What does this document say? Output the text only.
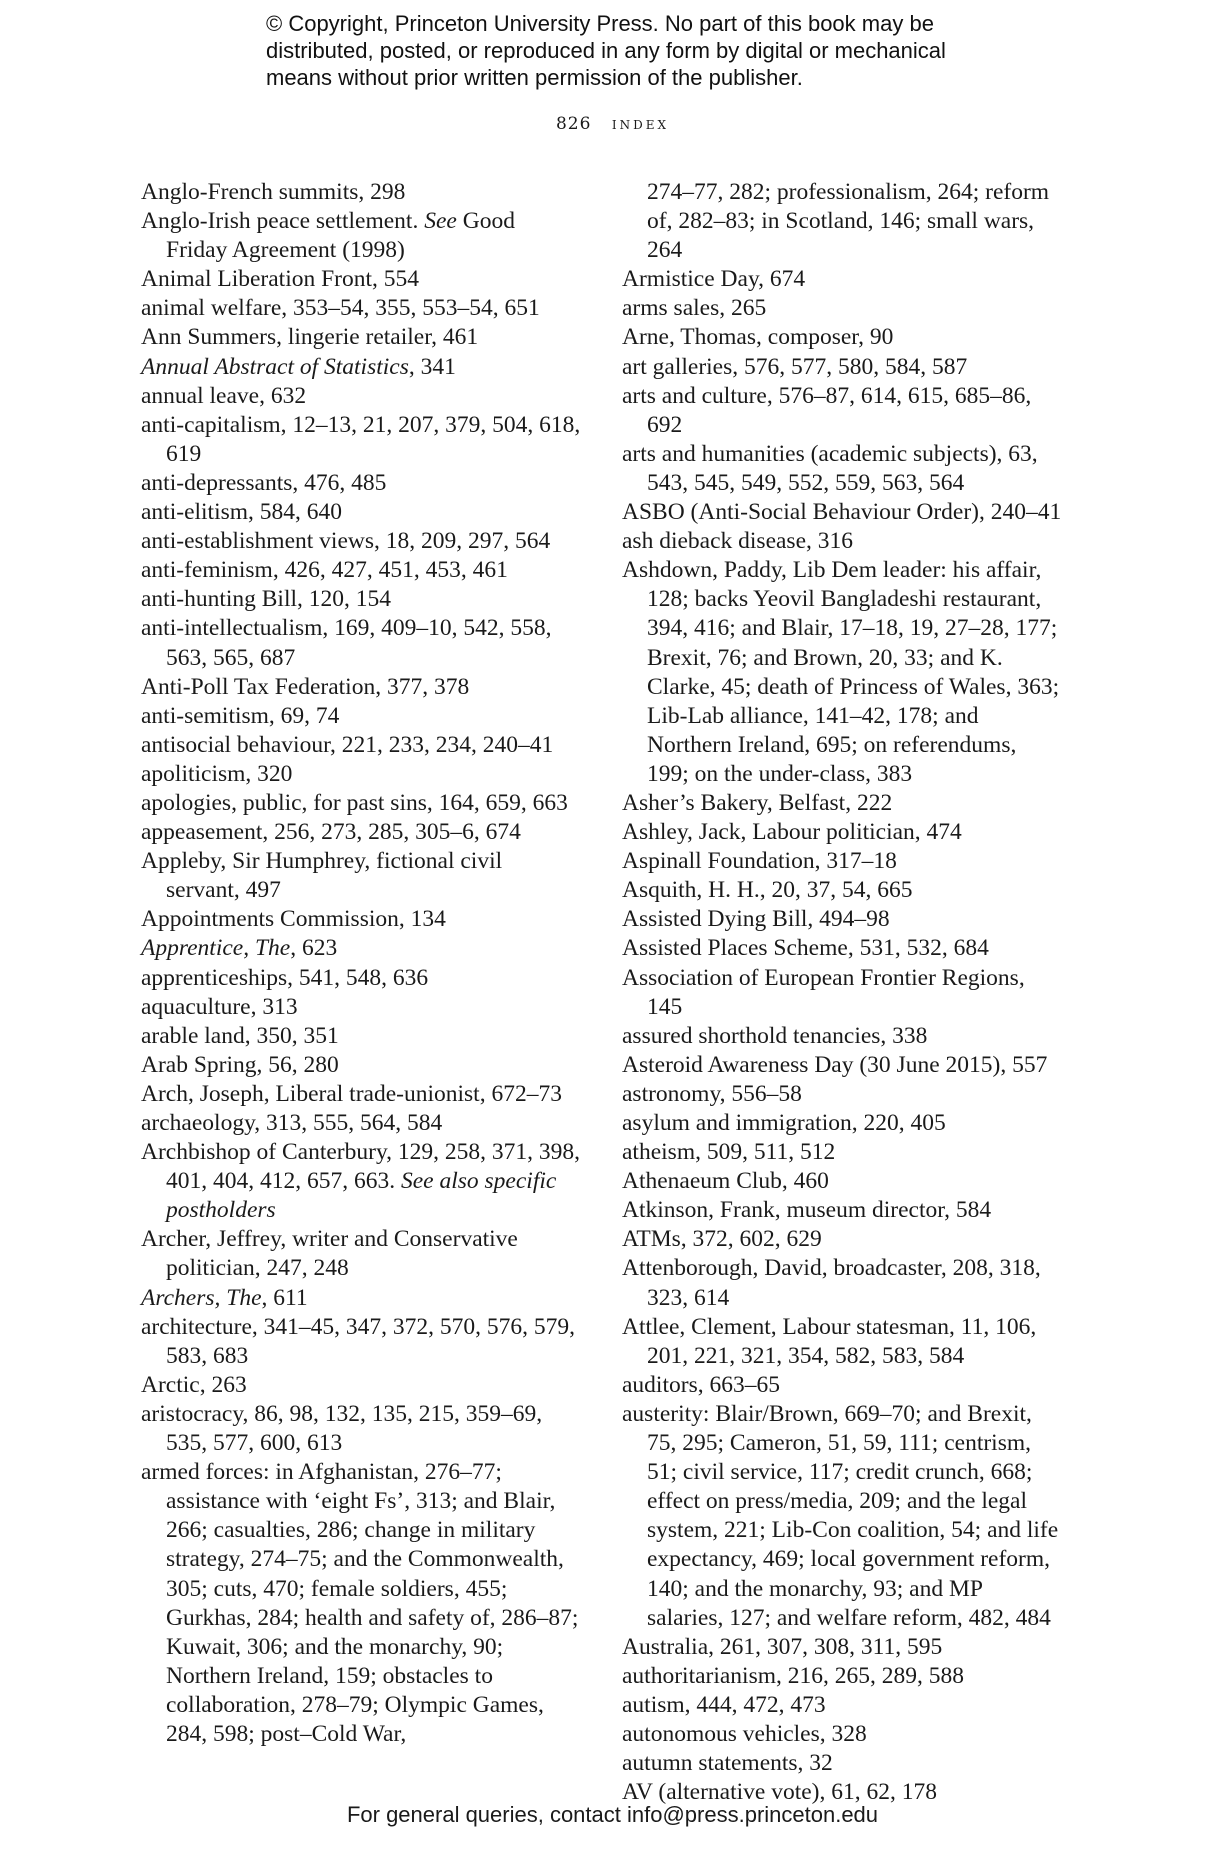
© Copyright, Princeton University Press. No part of this book may be
distributed, posted, or reproduced in any form by digital or mechanical
means without prior written permission of the publisher.
826 index

Anglo-French summits, 298

Anglo-Irish peace settlement. See Good Friday Agreement (1998)

Animal Liberation Front, 554

animal welfare, 353–54, 355, 553–54, 651

Ann Summers, lingerie retailer, 461

Annual Abstract of Statistics, 341

annual leave, 632

anti-capitalism, 12–13, 21, 207, 379, 504, 618, 619

anti-depressants, 476, 485

anti-elitism, 584, 640

anti-establishment views, 18, 209, 297, 564

anti-feminism, 426, 427, 451, 453, 461

anti-hunting Bill, 120, 154

anti-intellectualism, 169, 409–10, 542, 558, 563, 565, 687

Anti-Poll Tax Federation, 377, 378

anti-semitism, 69, 74

antisocial behaviour, 221, 233, 234, 240–41

apoliticism, 320

apologies, public, for past sins, 164, 659, 663

appeasement, 256, 273, 285, 305–6, 674

Appleby, Sir Humphrey, fictional civil servant, 497

Appointments Commission, 134

Apprentice, The, 623

apprenticeships, 541, 548, 636

aquaculture, 313

arable land, 350, 351

Arab Spring, 56, 280

Arch, Joseph, Liberal trade-unionist, 672–73

archaeology, 313, 555, 564, 584

Archbishop of Canterbury, 129, 258, 371, 398, 401, 404, 412, 657, 663. See also specific postholders

Archer, Jeffrey, writer and Conservative politician, 247, 248

Archers, The, 611

architecture, 341–45, 347, 372, 570, 576, 579, 583, 683

Arctic, 263

aristocracy, 86, 98, 132, 135, 215, 359–69, 535, 577, 600, 613

armed forces: in Afghanistan, 276–77; assistance with ‘eight Fs’, 313; and Blair, 266; casualties, 286; change in military strategy, 274–75; and the Commonwealth, 305; cuts, 470; female soldiers, 455; Gurkhas, 284; health and safety of, 286–87; Kuwait, 306; and the monarchy, 90; Northern Ireland, 159; obstacles to collaboration, 278–79; Olympic Games, 284, 598; post–Cold War,

274–77, 282; professionalism, 264; reform of, 282–83; in Scotland, 146; small wars, 264

Armistice Day, 674

arms sales, 265

Arne, Thomas, composer, 90

art galleries, 576, 577, 580, 584, 587

arts and culture, 576–87, 614, 615, 685–86, 692

arts and humanities (academic subjects), 63, 543, 545, 549, 552, 559, 563, 564

ASBO (Anti-Social Behaviour Order), 240–41

ash dieback disease, 316

Ashdown, Paddy, Lib Dem leader: his affair, 128; backs Yeovil Bangladeshi restaurant, 394, 416; and Blair, 17–18, 19, 27–28, 177; Brexit, 76; and Brown, 20, 33; and K. Clarke, 45; death of Princess of Wales, 363; Lib-Lab alliance, 141–42, 178; and Northern Ireland, 695; on referendums, 199; on the under-class, 383

Asher’s Bakery, Belfast, 222

Ashley, Jack, Labour politician, 474

Aspinall Foundation, 317–18

Asquith, H. H., 20, 37, 54, 665

Assisted Dying Bill, 494–98

Assisted Places Scheme, 531, 532, 684

Association of European Frontier Regions, 145

assured shorthold tenancies, 338

Asteroid Awareness Day (30 June 2015), 557

astronomy, 556–58

asylum and immigration, 220, 405

atheism, 509, 511, 512

Athenaeum Club, 460

Atkinson, Frank, museum director, 584

ATMs, 372, 602, 629

Attenborough, David, broadcaster, 208, 318, 323, 614

Attlee, Clement, Labour statesman, 11, 106, 201, 221, 321, 354, 582, 583, 584

auditors, 663–65

austerity: Blair/Brown, 669–70; and Brexit, 75, 295; Cameron, 51, 59, 111; centrism, 51; civil service, 117; credit crunch, 668; effect on press/media, 209; and the legal system, 221; Lib-Con coalition, 54; and life expectancy, 469; local government reform, 140; and the monarchy, 93; and MP salaries, 127; and welfare reform, 482, 484

Australia, 261, 307, 308, 311, 595

authoritarianism, 216, 265, 289, 588

autism, 444, 472, 473

autonomous vehicles, 328

autumn statements, 32

AV (alternative vote), 61, 62, 178

For general queries, contact info@press.princeton.edu
